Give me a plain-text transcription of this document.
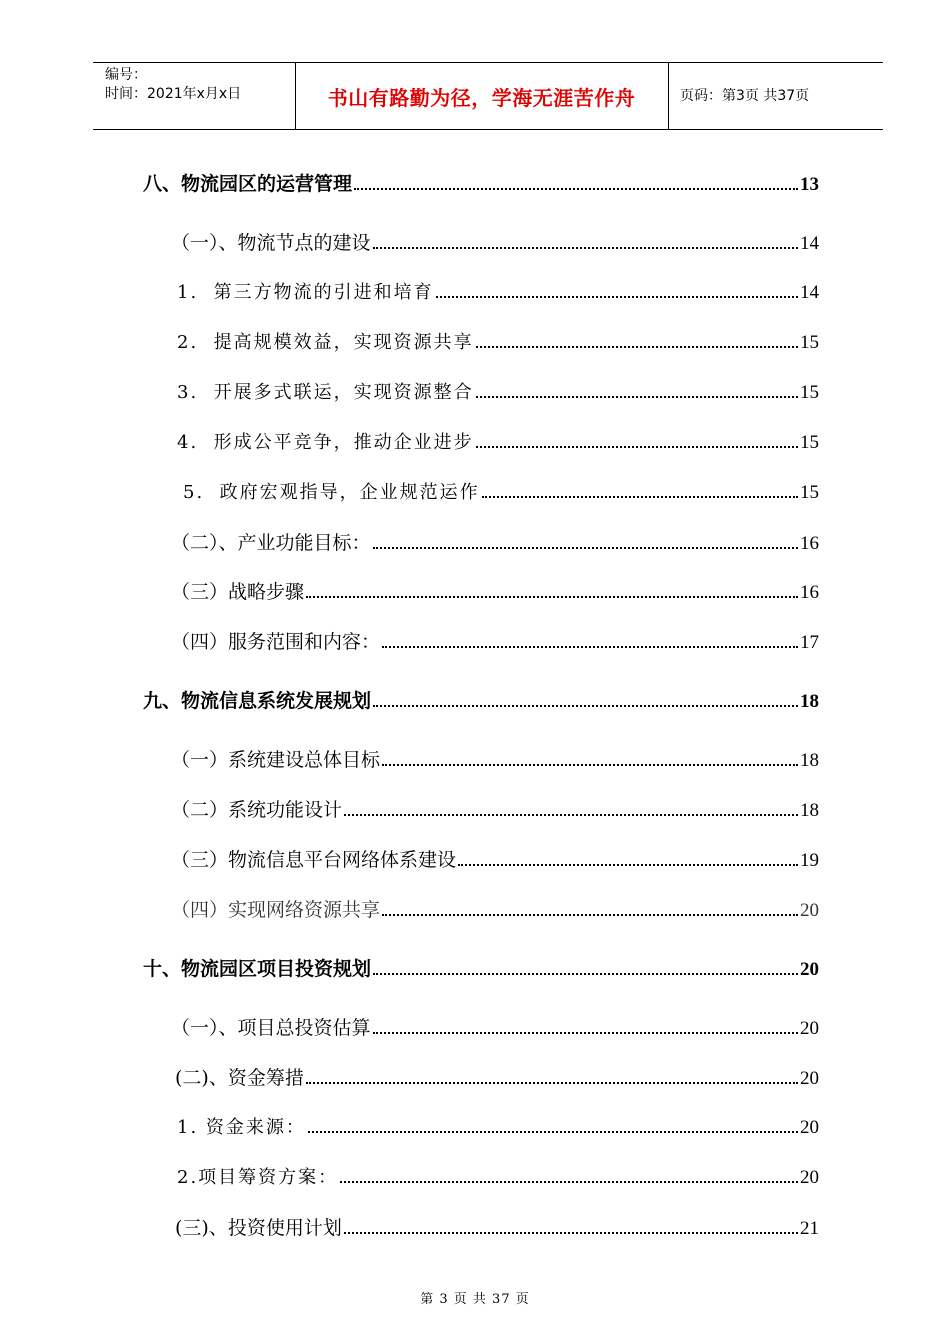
编号：
时间：2021年x月x日	书山有路勤为径，学海无涯苦作舟	页码：第3页 共37页
八、物流园区的运营管理	13
（一）、物流节点的建设	14
1.  第三方物流的引进和培育	14
2.  提高规模效益，实现资源共享	15
3.  开展多式联运，实现资源整合	15
4.  形成公平竞争，推动企业进步	15
5.  政府宏观指导，企业规范运作	15
（二）、产业功能目标：	16
（三）战略步骤	16
（四）服务范围和内容：	17
九、物流信息系统发展规划	18
（一）系统建设总体目标	18
（二）系统功能设计	18
（三）物流信息平台网络体系建设	19
（四）实现网络资源共享	20
十、物流园区项目投资规划	20
（一）、项目总投资估算	20
(二)、资金筹措	20
1. 资金来源：	20
2.项目筹资方案：	20
(三)、投资使用计划	21
第 3 页 共 37 页
